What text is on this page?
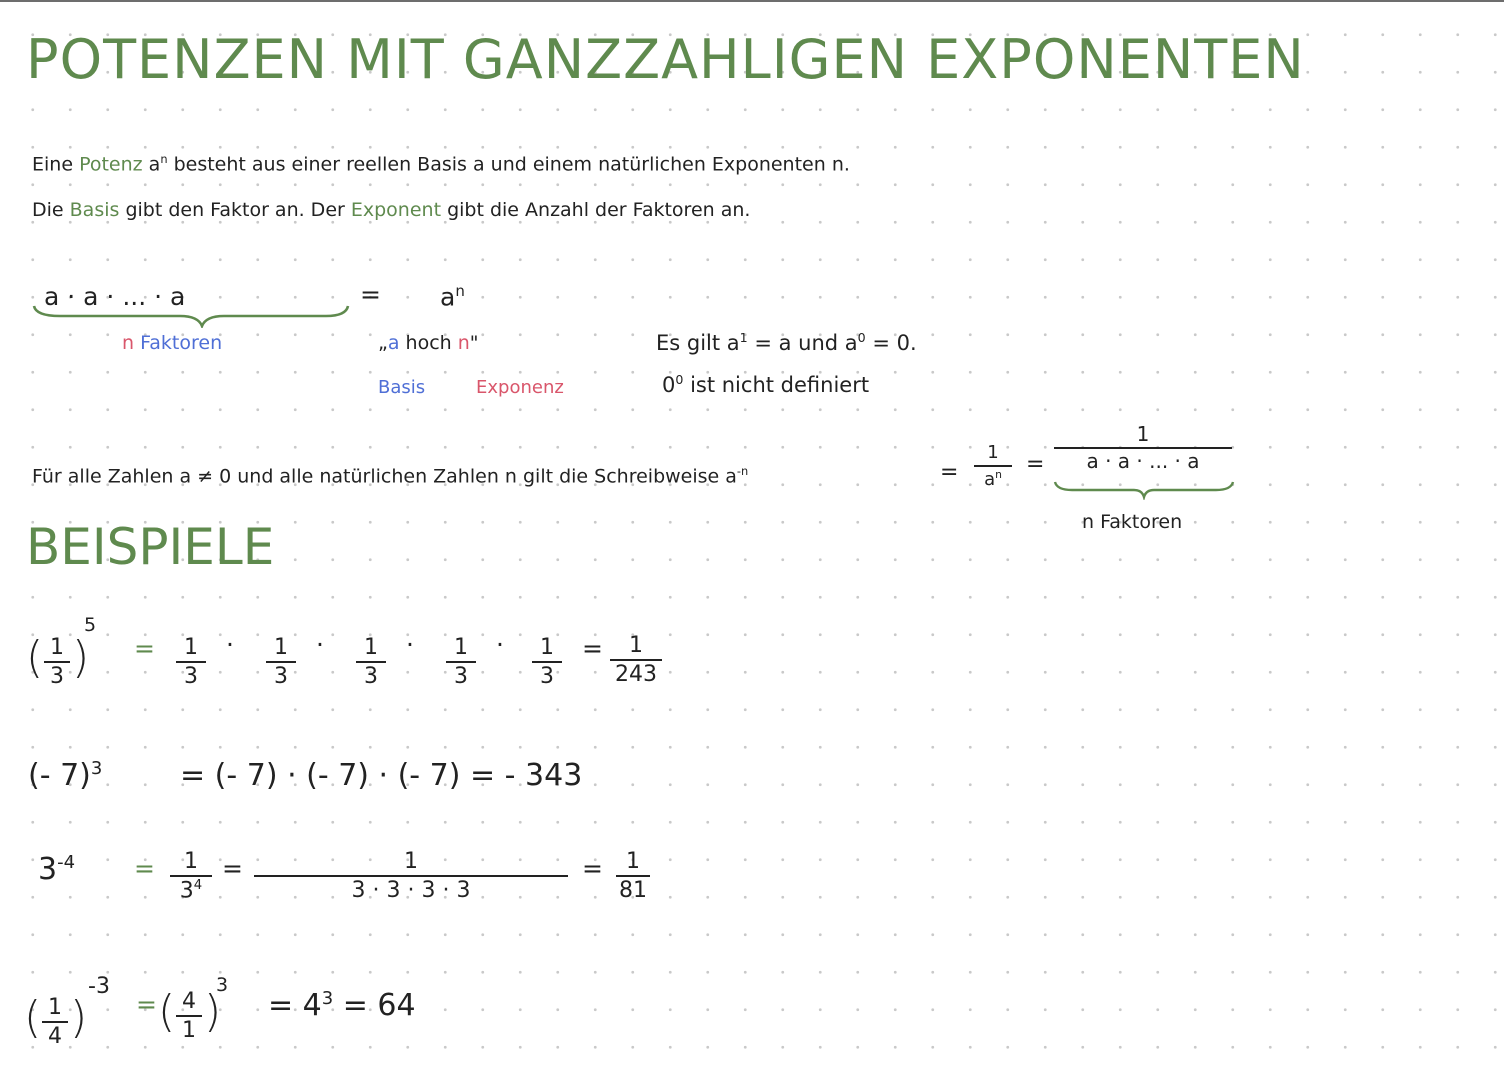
POTENZEN MIT GANZZAHLIGEN EXPONENTEN
Eine Potenz $a^n$ besteht aus einer reellen Basis a und einem natürlichen Exponenten n.
Die Basis gibt den Faktor an. Der Exponent gibt die Anzahl der Faktoren an.
a · a · ... · a	= $a^n$
n Faktoren	„a hoch n"
Basis	Exponenz
Es gilt $a^1 = a$ und $a^0 = 0$.
$0^0$ ist nicht definiert
Für alle Zahlen a ≠ 0 und alle natürlichen Zahlen n gilt die Schreibweise $a^{-n}$	=
1
$a^n$	=
1
a · a · ... · a
n Faktoren
BEISPIELE
( 1
3 )
5
=	1
3
·	1
3
·	1
3
·	1
3
·	1
3
=	1
243
(- 7)$^3$	= (- 7) · (- 7) · (- 7) = - 343
$3^{-4}$ =	1
$3^4$
=	1
3 · 3 · 3 · 3
=	1
81
( 1
4 )
-3
= ( 4
1 )
3
= $4^3 = 64$
